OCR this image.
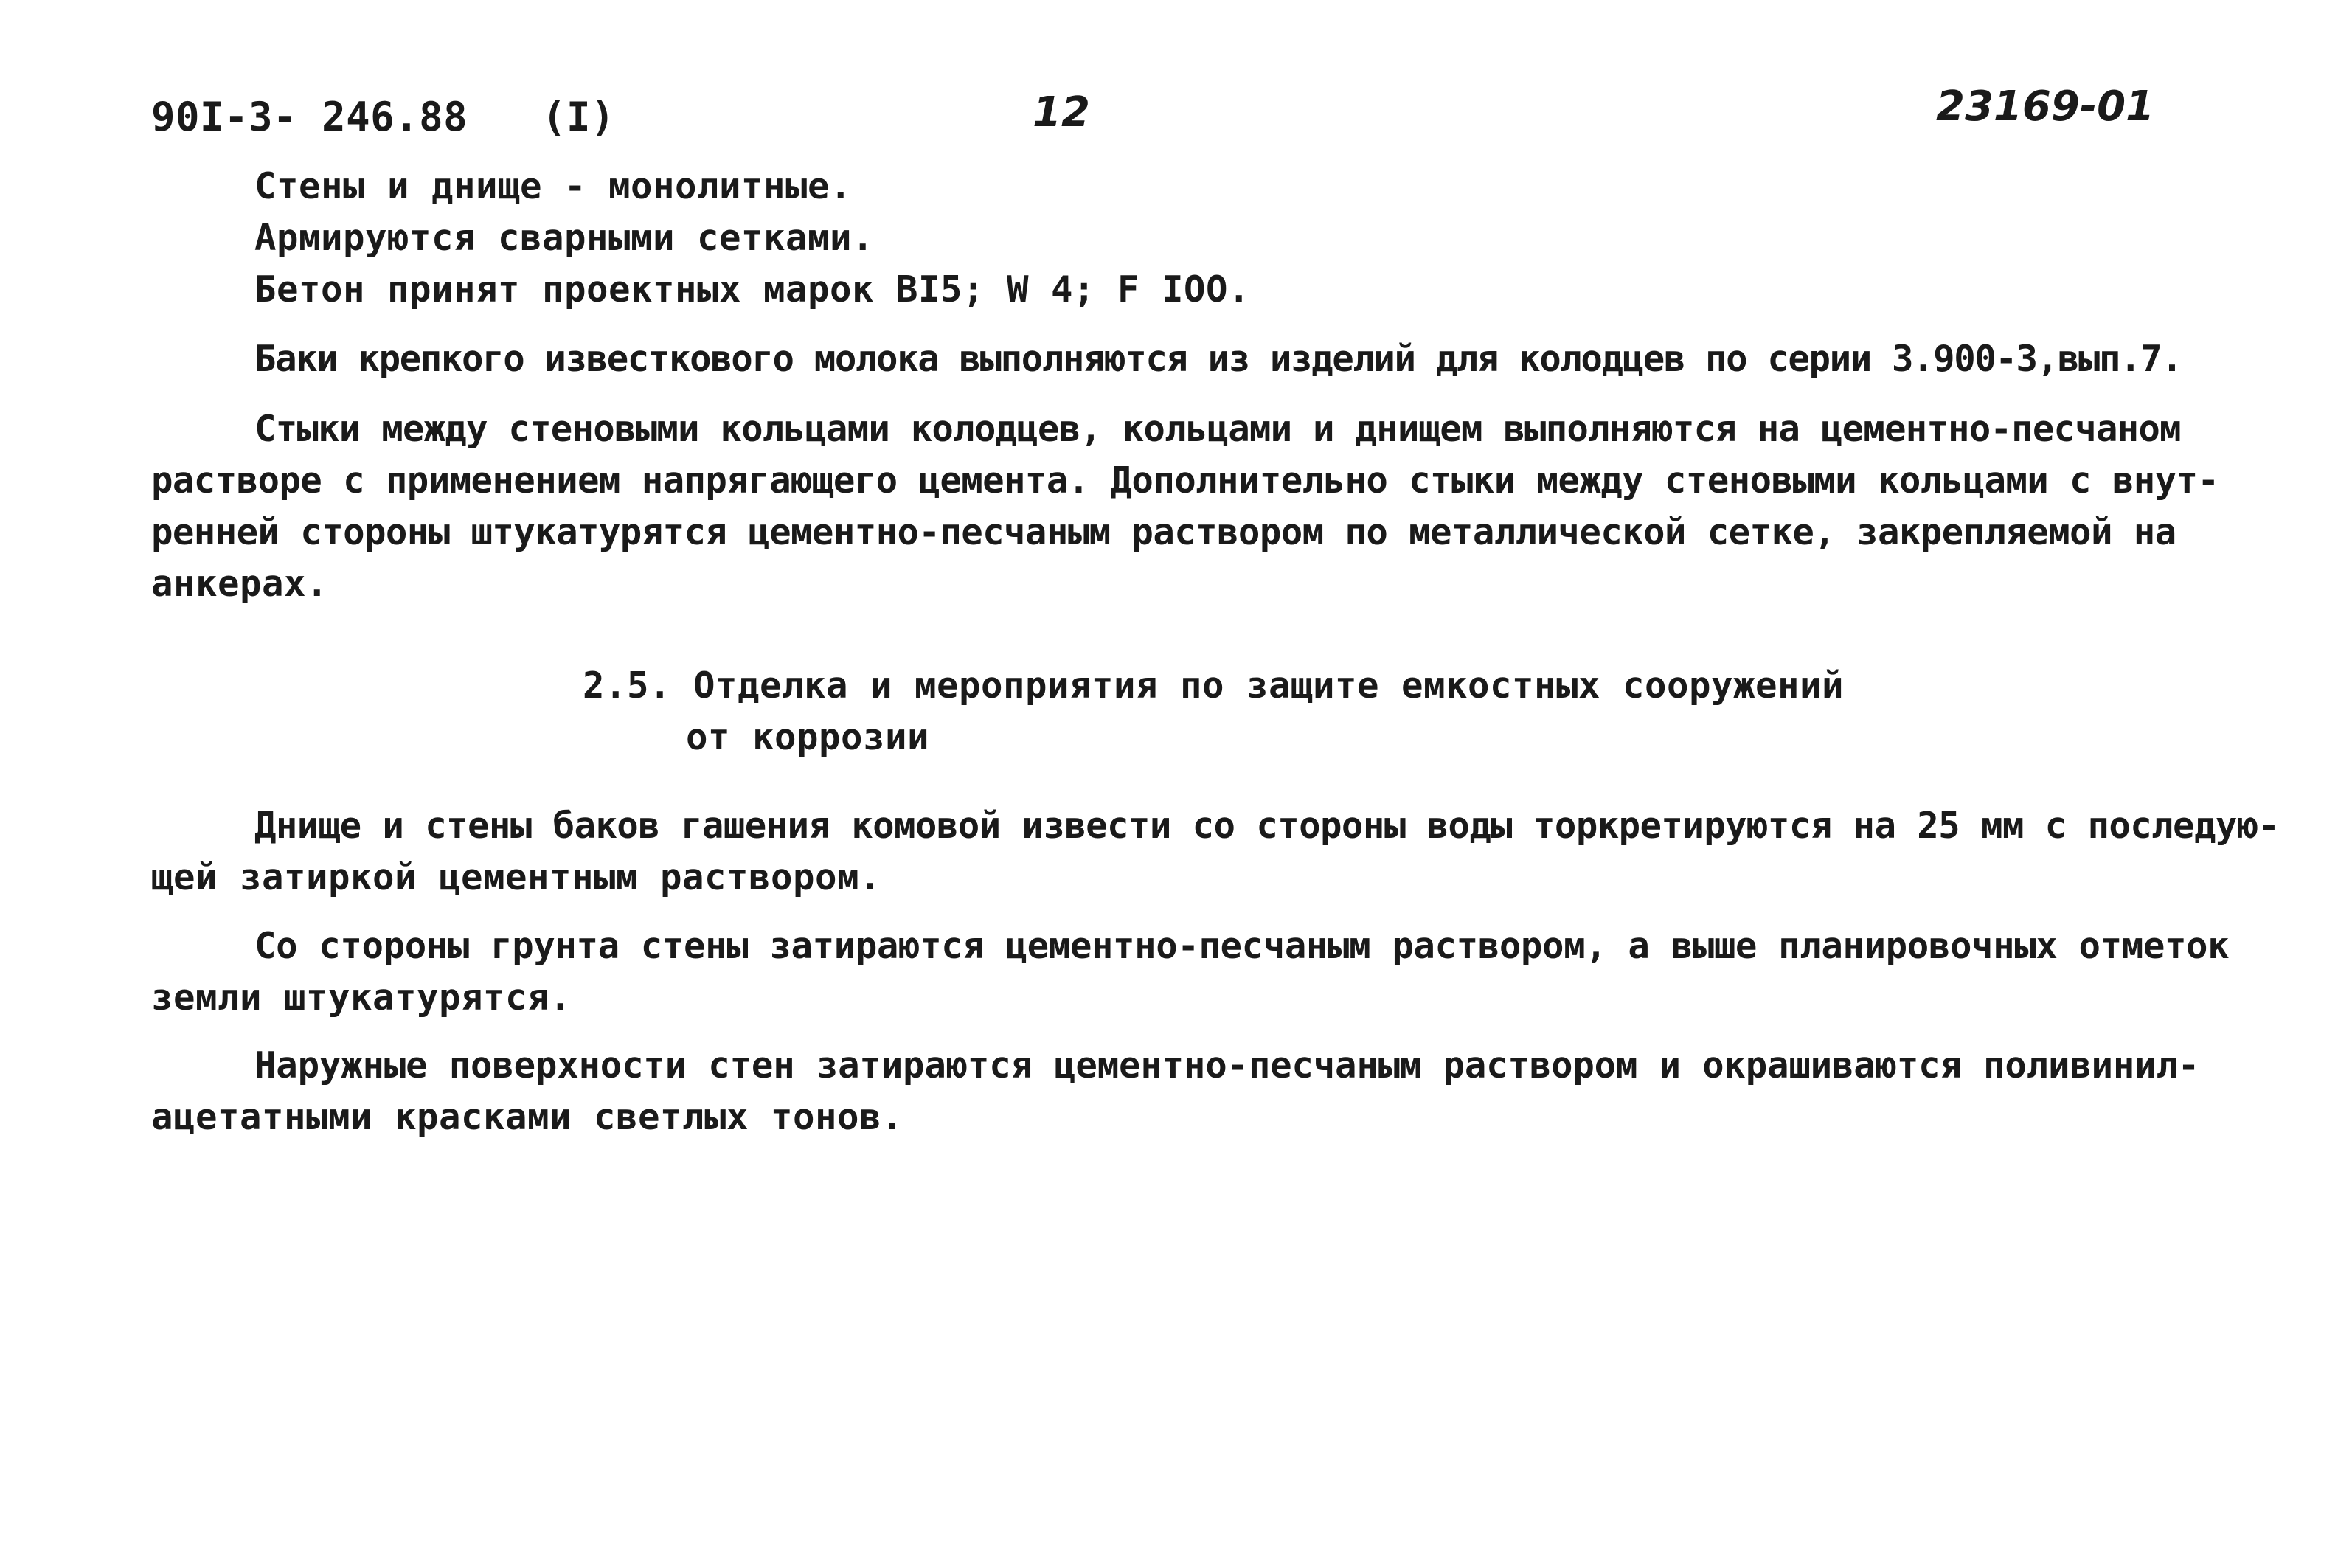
90I-3- 246.88 (I)	12	23169-01
Стены и днище - монолитные.
Армируются сварными сетками.
Бетон принят проектных марок BI5; W 4; F IOO.
Баки крепкого известкового молока выполняются из изделий для колодцев по серии 3.900-3,вып.7.
Стыки между стеновыми кольцами колодцев, кольцами и днищем выполняются на цементно-песчаном
растворе с применением напрягающего цемента. Дополнительно стыки между стеновыми кольцами с внут-
ренней стороны штукатурятся цементно-песчаным раствором по металлической сетке, закрепляемой на
анкерах.
2.5. Отделка и мероприятия по защите емкостных сооружений
от коррозии
Днище и стены баков гашения комовой извести со стороны воды торкретируются на 25 мм с последую-
щей затиркой цементным раствором.
Со стороны грунта стены затираются цементно-песчаным раствором, а выше планировочных отметок
земли штукатурятся.
Наружные поверхности стен затираются цементно-песчаным раствором и окрашиваются поливинил-
ацетатными красками светлых тонов.
